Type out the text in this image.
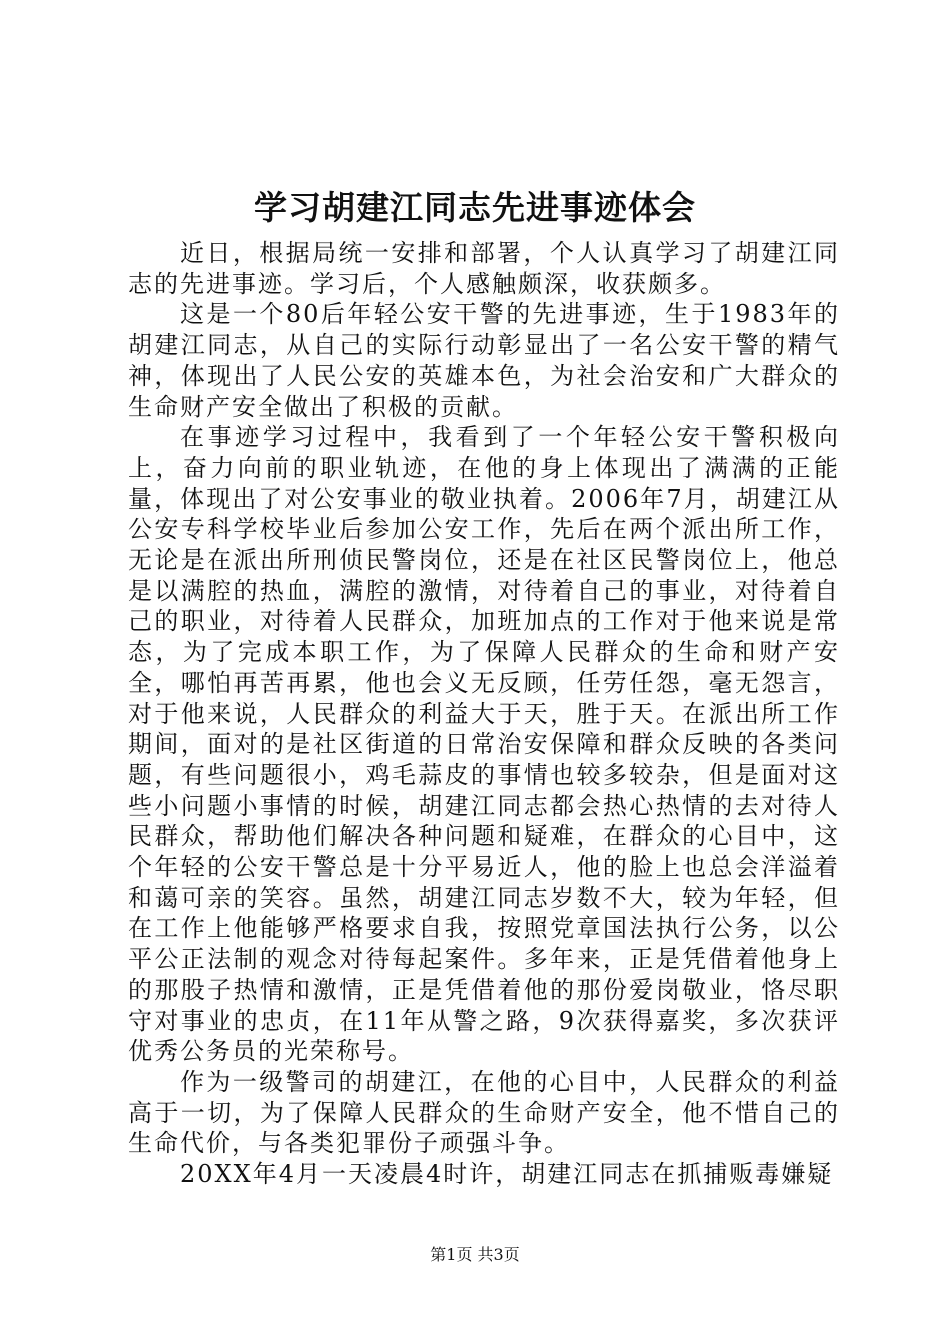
学习胡建江同志先进事迹体会

近日，根据局统一安排和部署，个人认真学习了胡建江同志的先进事迹。学习后，个人感触颇深，收获颇多。

这是一个80后年轻公安干警的先进事迹，生于1983年的胡建江同志，从自己的实际行动彰显出了一名公安干警的精气神，体现出了人民公安的英雄本色，为社会治安和广大群众的生命财产安全做出了积极的贡献。

在事迹学习过程中，我看到了一个年轻公安干警积极向上，奋力向前的职业轨迹，在他的身上体现出了满满的正能量，体现出了对公安事业的敬业执着。2006年7月，胡建江从公安专科学校毕业后参加公安工作，先后在两个派出所工作，无论是在派出所刑侦民警岗位，还是在社区民警岗位上，他总是以满腔的热血，满腔的激情，对待着自己的事业，对待着自己的职业，对待着人民群众，加班加点的工作对于他来说是常态，为了完成本职工作，为了保障人民群众的生命和财产安全，哪怕再苦再累，他也会义无反顾，任劳任怨，毫无怨言，对于他来说，人民群众的利益大于天，胜于天。在派出所工作期间，面对的是社区街道的日常治安保障和群众反映的各类问题，有些问题很小，鸡毛蒜皮的事情也较多较杂，但是面对这些小问题小事情的时候，胡建江同志都会热心热情的去对待人民群众，帮助他们解决各种问题和疑难，在群众的心目中，这个年轻的公安干警总是十分平易近人，他的脸上也总会洋溢着和蔼可亲的笑容。虽然，胡建江同志岁数不大，较为年轻，但在工作上他能够严格要求自我，按照党章国法执行公务，以公平公正法制的观念对待每起案件。多年来，正是凭借着他身上的那股子热情和激情，正是凭借着他的那份爱岗敬业，恪尽职守对事业的忠贞，在11年从警之路，9次获得嘉奖，多次获评优秀公务员的光荣称号。

作为一级警司的胡建江，在他的心目中，人民群众的利益高于一切，为了保障人民群众的生命财产安全，他不惜自己的生命代价，与各类犯罪份子顽强斗争。

20XX年4月一天凌晨4时许，胡建江同志在抓捕贩毒嫌疑

第1页 共3页
